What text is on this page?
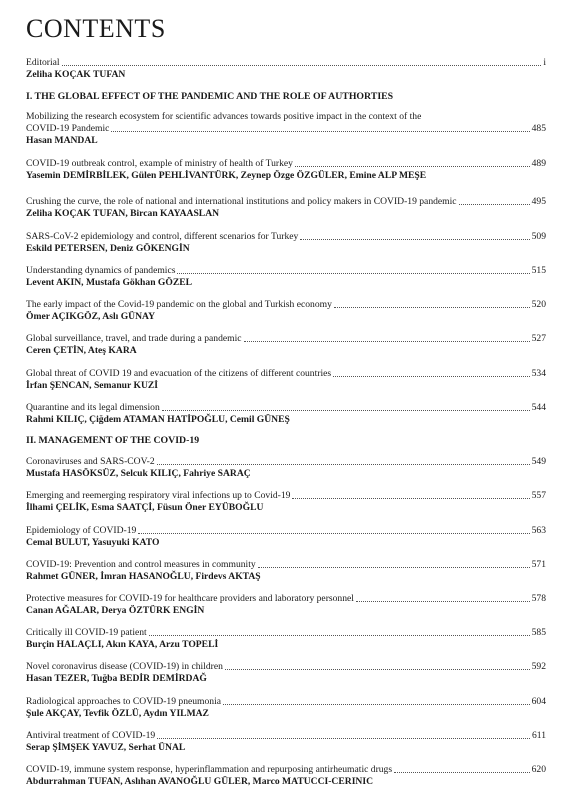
CONTENTS
Editorial	i
Zeliha KOÇAK TUFAN
I. THE GLOBAL EFFECT OF THE PANDEMIC AND THE ROLE OF AUTHORTIES
Mobilizing the research ecosystem for scientific advances towards positive impact in the context of the
COVID-19 Pandemic	485
Hasan MANDAL
COVID-19 outbreak control, example of ministry of health of Turkey	489
Yasemin DEMİRBİLEK, Gülen PEHLİVANTÜRK, Zeynep Özge ÖZGÜLER, Emine ALP MEŞE
Crushing the curve, the role of national and international institutions and policy makers in COVID-19 pandemic	495
Zeliha KOÇAK TUFAN, Bircan KAYAASLAN
SARS-CoV-2 epidemiology and control, different scenarios for Turkey	509
Eskild PETERSEN, Deniz GÖKENGİN
Understanding dynamics of pandemics	515
Levent AKIN, Mustafa Gökhan GÖZEL
The early impact of the Covid-19 pandemic on the global and Turkish economy	520
Ömer AÇIKGÖZ, Aslı GÜNAY
Global surveillance, travel, and trade during a pandemic	527
Ceren ÇETİN, Ateş KARA
Global threat of COVID 19 and evacuation of the citizens of different countries	534
İrfan ŞENCAN, Semanur KUZİ
Quarantine and its legal dimension	544
Rahmi KILIÇ, Çiğdem ATAMAN HATİPOĞLU, Cemil GÜNEŞ
II. MANAGEMENT OF THE COVID-19
Coronaviruses and SARS-COV-2	549
Mustafa HASÖKSÜZ, Selcuk KILIÇ, Fahriye SARAÇ
Emerging and reemerging respiratory viral infections up to Covid-19	557
İlhami ÇELİK, Esma SAATÇİ, Füsun Öner EYÜBOĞLU
Epidemiology of COVID-19	563
Cemal BULUT, Yasuyuki KATO
COVID-19: Prevention and control measures in community	571
Rahmet GÜNER, İmran HASANOĞLU, Firdevs AKTAŞ
Protective measures for COVID-19 for healthcare providers and laboratory personnel	578
Canan AĞALAR, Derya ÖZTÜRK ENGİN
Critically ill COVID-19 patient	585
Burçin HALAÇLI, Akın KAYA, Arzu TOPELİ
Novel coronavirus disease (COVID-19) in children	592
Hasan TEZER, Tuğba BEDİR DEMİRDAĞ
Radiological approaches to COVID-19 pneumonia	604
Şule AKÇAY, Tevfik ÖZLÜ, Aydın YILMAZ
Antiviral treatment of COVID-19	611
Serap ŞİMŞEK YAVUZ, Serhat ÜNAL
COVID-19, immune system response, hyperinflammation and repurposing antirheumatic drugs	620
Abdurrahman TUFAN, Aslıhan AVANOĞLU GÜLER, Marco MATUCCI-CERINIC
